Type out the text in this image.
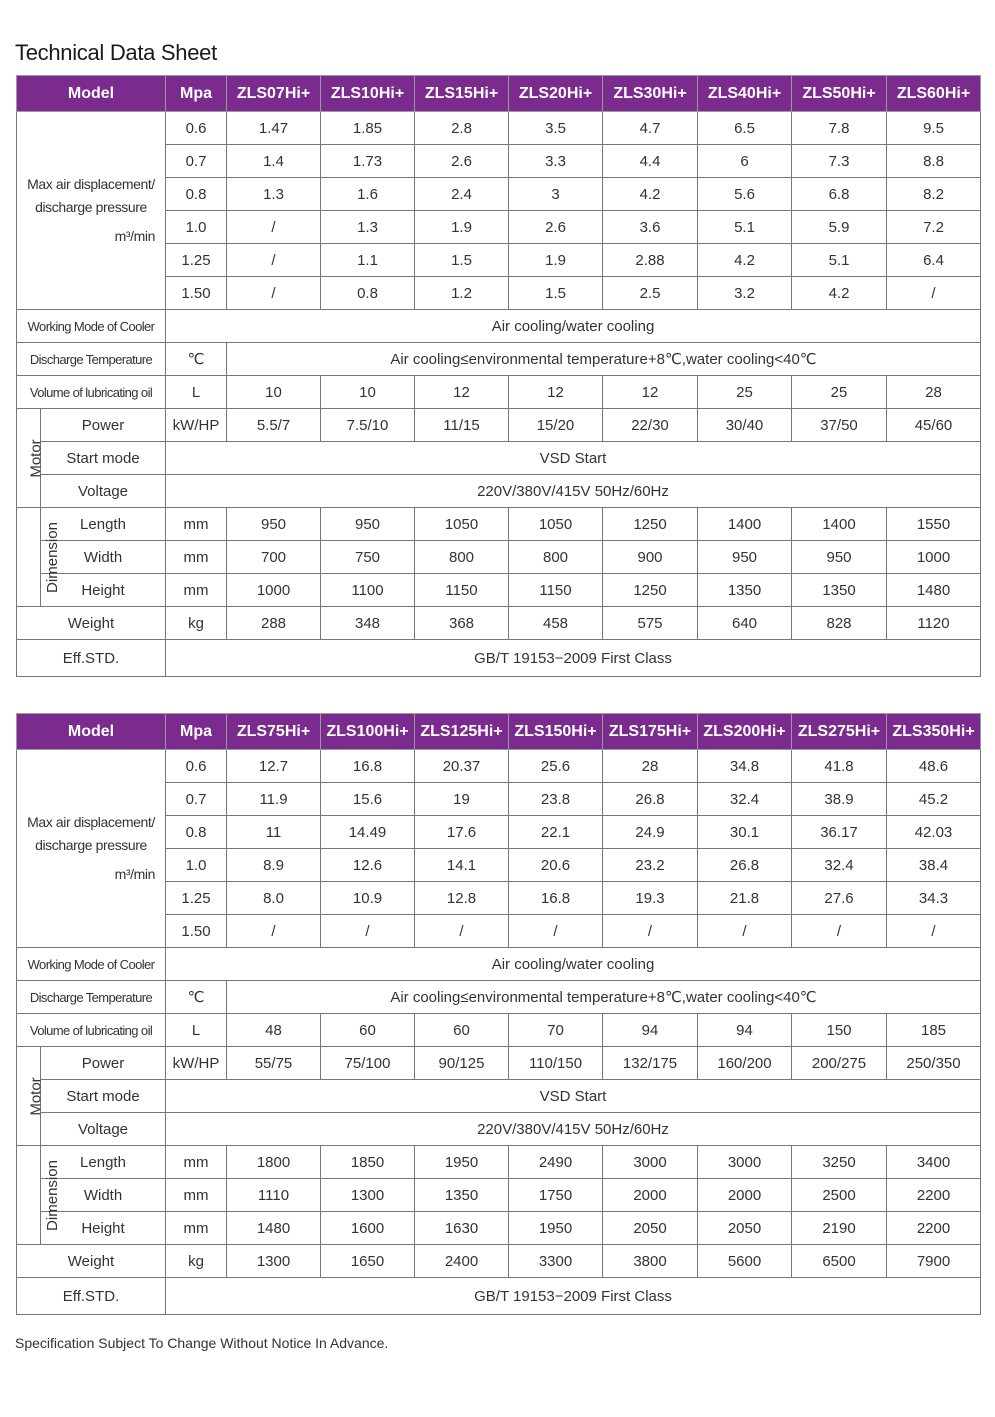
Technical Data Sheet
Model		Mpa	ZLS07Hi+	ZLS10Hi+	ZLS15Hi+	ZLS20Hi+	ZLS30Hi+	ZLS40Hi+	ZLS50Hi+	ZLS60Hi+
Max air displacement/
discharge pressure
m³/min		0.6	1.47	1.85	2.8	3.5	4.7	6.5	7.8	9.5
		0.7	1.4	1.73	2.6	3.3	4.4	6	7.3	8.8
		0.8	1.3	1.6	2.4	3	4.2	5.6	6.8	8.2
		1.0	/	1.3	1.9	2.6	3.6	5.1	5.9	7.2
		1.25	/	1.1	1.5	1.9	2.88	4.2	5.1	6.4
		1.50	/	0.8	1.2	1.5	2.5	3.2	4.2	/
Working Mode of Cooler		Air cooling/water cooling								
Discharge Temperature		℃	Air cooling≤environmental temperature+8℃,water cooling<40℃							
Volume of lubricating oil		L	10	10	12	12	12	25	25	28
Motor	Power	kW/HP	5.5/7	7.5/10	11/15	15/20	22/30	30/40	37/50	45/60
	Start mode	VSD Start								
	Voltage	220V/380V/415V 50Hz/60Hz								
Dimension	Length	mm	950	950	1050	1050	1250	1400	1400	1550
	Width	mm	700	750	800	800	900	950	950	1000
	Height	mm	1000	1100	1150	1150	1250	1350	1350	1480
Weight		kg	288	348	368	458	575	640	828	1120
Eff.STD.		GB/T 19153−2009 First Class								
Model		Mpa	ZLS75Hi+	ZLS100Hi+	ZLS125Hi+	ZLS150Hi+	ZLS175Hi+	ZLS200Hi+	ZLS275Hi+	ZLS350Hi+
Max air displacement/
discharge pressure
m³/min		0.6	12.7	16.8	20.37	25.6	28	34.8	41.8	48.6
		0.7	11.9	15.6	19	23.8	26.8	32.4	38.9	45.2
		0.8	11	14.49	17.6	22.1	24.9	30.1	36.17	42.03
		1.0	8.9	12.6	14.1	20.6	23.2	26.8	32.4	38.4
		1.25	8.0	10.9	12.8	16.8	19.3	21.8	27.6	34.3
		1.50	/	/	/	/	/	/	/	/
Working Mode of Cooler		Air cooling/water cooling								
Discharge Temperature		℃	Air cooling≤environmental temperature+8℃,water cooling<40℃							
Volume of lubricating oil		L	48	60	60	70	94	94	150	185
Motor	Power	kW/HP	55/75	75/100	90/125	110/150	132/175	160/200	200/275	250/350
	Start mode	VSD Start								
	Voltage	220V/380V/415V 50Hz/60Hz								
Dimension	Length	mm	1800	1850	1950	2490	3000	3000	3250	3400
	Width	mm	1110	1300	1350	1750	2000	2000	2500	2200
	Height	mm	1480	1600	1630	1950	2050	2050	2190	2200
Weight		kg	1300	1650	2400	3300	3800	5600	6500	7900
Eff.STD.		GB/T 19153−2009 First Class								
Specification Subject To Change Without Notice In Advance.
